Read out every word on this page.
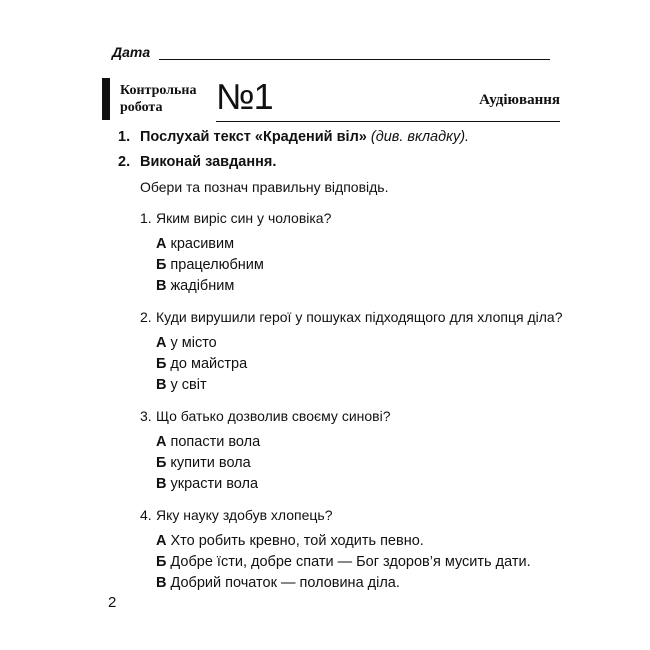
Дата
Контрольна
робота	№1	Аудіювання
1. Послухай текст «Крадений віл» (див. вкладку).
2. Виконай завдання.
Обери та познач правильну відповідь.
1. Яким виріс син у чоловіка?
А красивим
Б працелюбним
В жадібним
2. Куди вирушили герої у пошуках підходящого для хлопця діла?
А у місто
Б до майстра
В у світ
3. Що батько дозволив своєму синові?
А попасти вола
Б купити вола
В украсти вола
4. Яку науку здобув хлопець?
А Хто робить кревно, той ходить певно.
Б Добре їсти, добре спати — Бог здоров’я мусить дати.
В Добрий початок — половина діла.
2
